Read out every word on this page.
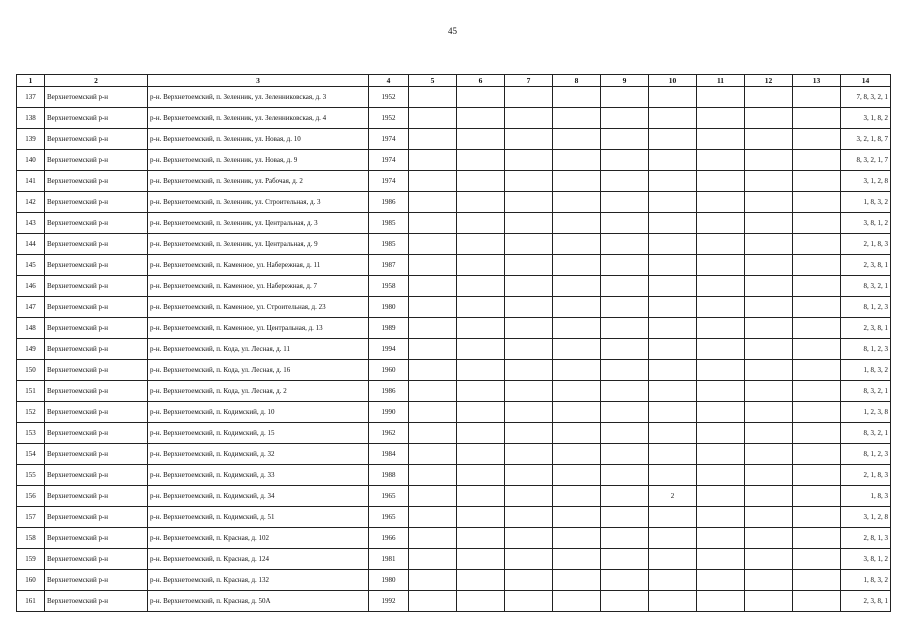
45
1	2	3	4	5	6	7	8	9	10	11	12	13	14
137	Верхнетоемский р-н	р-н. Верхнетоемский, п. Зеленник, ул. Зеленниковская, д. 3	1952										7, 8, 3, 2, 1
138	Верхнетоемский р-н	р-н. Верхнетоемский, п. Зеленник, ул. Зеленниковская, д. 4	1952										3, 1, 8, 2
139	Верхнетоемский р-н	р-н. Верхнетоемский, п. Зеленник, ул. Новая, д. 10	1974										3, 2, 1, 8, 7
140	Верхнетоемский р-н	р-н. Верхнетоемский, п. Зеленник, ул. Новая, д. 9	1974										8, 3, 2, 1, 7
141	Верхнетоемский р-н	р-н. Верхнетоемский, п. Зеленник, ул. Рабочая, д. 2	1974										3, 1, 2, 8
142	Верхнетоемский р-н	р-н. Верхнетоемский, п. Зеленник, ул. Строительная, д. 3	1986										1, 8, 3, 2
143	Верхнетоемский р-н	р-н. Верхнетоемский, п. Зеленник, ул. Центральная, д. 3	1985										3, 8, 1, 2
144	Верхнетоемский р-н	р-н. Верхнетоемский, п. Зеленник, ул. Центральная, д. 9	1985										2, 1, 8, 3
145	Верхнетоемский р-н	р-н. Верхнетоемский, п. Каменное, ул. Набережная, д. 11	1987										2, 3, 8, 1
146	Верхнетоемский р-н	р-н. Верхнетоемский, п. Каменное, ул. Набережная, д. 7	1958										8, 3, 2, 1
147	Верхнетоемский р-н	р-н. Верхнетоемский, п. Каменное, ул. Строительная, д. 23	1980										8, 1, 2, 3
148	Верхнетоемский р-н	р-н. Верхнетоемский, п. Каменное, ул. Центральная, д. 13	1989										2, 3, 8, 1
149	Верхнетоемский р-н	р-н. Верхнетоемский, п. Кода, ул. Лесная, д. 11	1994										8, 1, 2, 3
150	Верхнетоемский р-н	р-н. Верхнетоемский, п. Кода, ул. Лесная, д. 16	1960										1, 8, 3, 2
151	Верхнетоемский р-н	р-н. Верхнетоемский, п. Кода, ул. Лесная, д. 2	1986										8, 3, 2, 1
152	Верхнетоемский р-н	р-н. Верхнетоемский, п. Кодимский, д. 10	1990										1, 2, 3, 8
153	Верхнетоемский р-н	р-н. Верхнетоемский, п. Кодимский, д. 15	1962										8, 3, 2, 1
154	Верхнетоемский р-н	р-н. Верхнетоемский, п. Кодимский, д. 32	1984										8, 1, 2, 3
155	Верхнетоемский р-н	р-н. Верхнетоемский, п. Кодимский, д. 33	1988										2, 1, 8, 3
156	Верхнетоемский р-н	р-н. Верхнетоемский, п. Кодимский, д. 34	1965						2				1, 8, 3
157	Верхнетоемский р-н	р-н. Верхнетоемский, п. Кодимский, д. 51	1965										3, 1, 2, 8
158	Верхнетоемский р-н	р-н. Верхнетоемский, п. Красная, д. 102	1966										2, 8, 1, 3
159	Верхнетоемский р-н	р-н. Верхнетоемский, п. Красная, д. 124	1981										3, 8, 1, 2
160	Верхнетоемский р-н	р-н. Верхнетоемский, п. Красная, д. 132	1980										1, 8, 3, 2
161	Верхнетоемский р-н	р-н. Верхнетоемский, п. Красная, д. 50А	1992										2, 3, 8, 1
